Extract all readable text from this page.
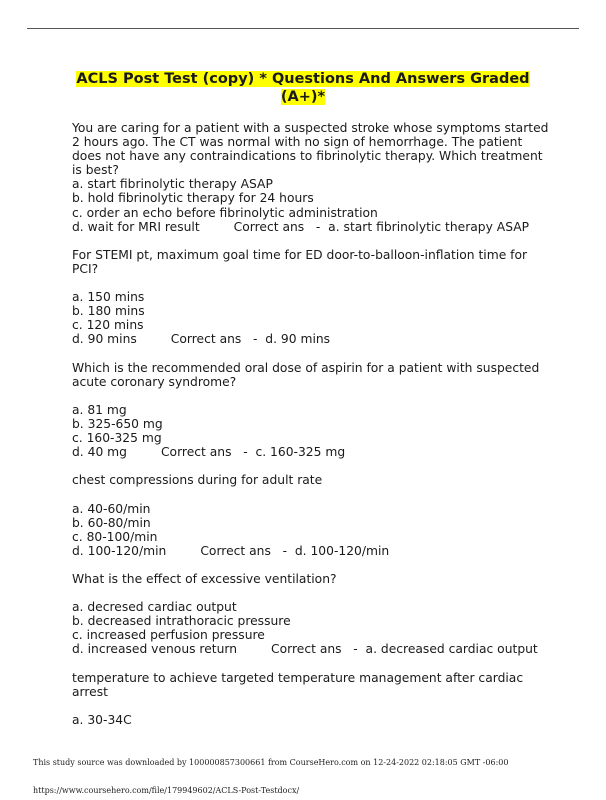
ACLS Post Test (copy) * Questions And Answers Graded
(A+)*
You are caring for a patient with a suspected stroke whose symptoms started
2 hours ago. The CT was normal with no sign of hemorrhage. The patient
does not have any contraindications to fibrinolytic therapy. Which treatment
is best?
a. start fibrinolytic therapy ASAP
b. hold fibrinolytic therapy for 24 hours
c. order an echo before fibrinolytic administration
d. wait for MRI result	Correct ans   -  a. start fibrinolytic therapy ASAP
For STEMI pt, maximum goal time for ED door-to-balloon-inflation time for
PCI?
a. 150 mins
b. 180 mins
c. 120 mins
d. 90 mins	Correct ans   -  d. 90 mins
Which is the recommended oral dose of aspirin for a patient with suspected
acute coronary syndrome?
a. 81 mg
b. 325-650 mg
c. 160-325 mg
d. 40 mg	Correct ans   -  c. 160-325 mg
chest compressions during for adult rate
a. 40-60/min
b. 60-80/min
c. 80-100/min
d. 100-120/min	Correct ans   -  d. 100-120/min
What is the effect of excessive ventilation?
a. decresed cardiac output
b. decreased intrathoracic pressure
c. increased perfusion pressure
d. increased venous return	Correct ans   -  a. decreased cardiac output
temperature to achieve targeted temperature management after cardiac
arrest
a. 30-34C
This study source was downloaded by 100000857300661 from CourseHero.com on 12-24-2022 02:18:05 GMT -06:00
https://www.coursehero.com/file/179949602/ACLS-Post-Testdocx/
